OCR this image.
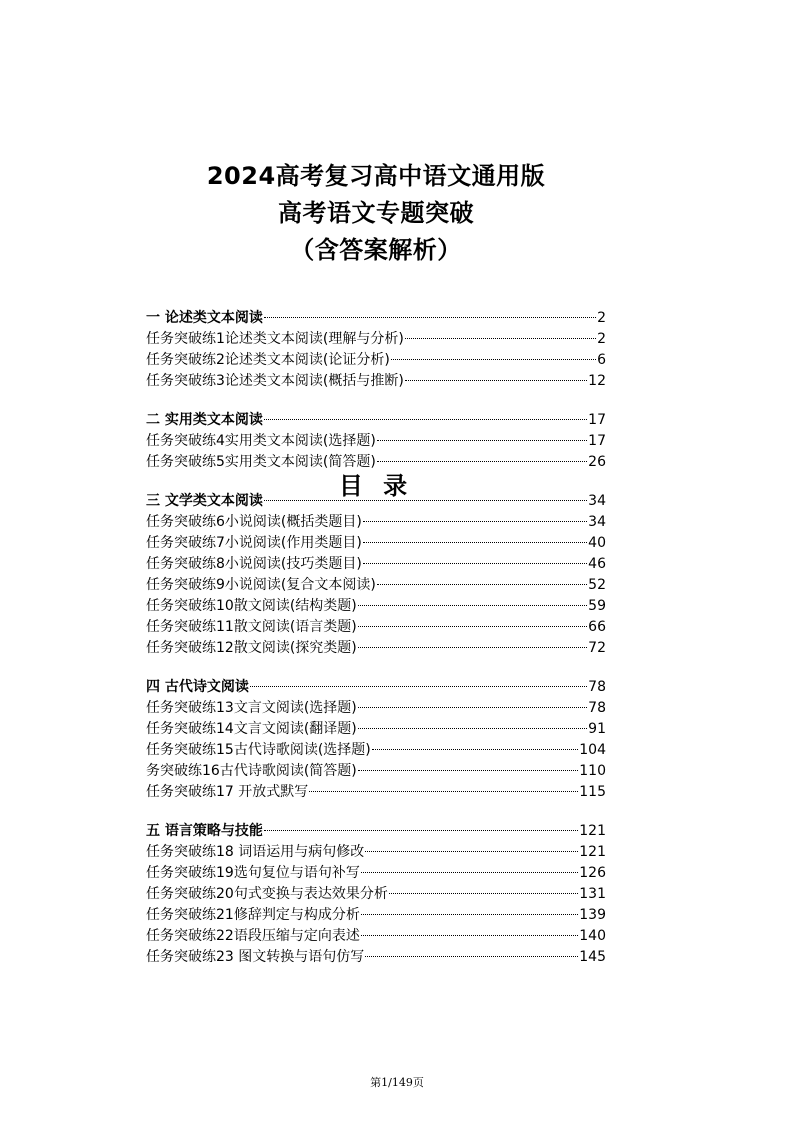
2024高考复习高中语文通用版
高考语文专题突破
（含答案解析）
目 录
一 论述类文本阅读	2
任务突破练1论述类文本阅读(理解与分析)	2
任务突破练2论述类文本阅读(论证分析)	6
任务突破练3论述类文本阅读(概括与推断)	12
二 实用类文本阅读	17
任务突破练4实用类文本阅读(选择题)	17
任务突破练5实用类文本阅读(简答题)	26
三 文学类文本阅读	34
任务突破练6小说阅读(概括类题目)	34
任务突破练7小说阅读(作用类题目)	40
任务突破练8小说阅读(技巧类题目)	46
任务突破练9小说阅读(复合文本阅读)	52
任务突破练10散文阅读(结构类题)	59
任务突破练11散文阅读(语言类题)	66
任务突破练12散文阅读(探究类题)	72
四 古代诗文阅读	78
任务突破练13文言文阅读(选择题)	78
任务突破练14文言文阅读(翻译题)	91
任务突破练15古代诗歌阅读(选择题)	104
务突破练16古代诗歌阅读(简答题)	110
任务突破练17 开放式默写	115
五 语言策略与技能	121
任务突破练18 词语运用与病句修改	121
任务突破练19选句复位与语句补写	126
任务突破练20句式变换与表达效果分析	131
任务突破练21修辞判定与构成分析	139
任务突破练22语段压缩与定向表述	140
任务突破练23 图文转换与语句仿写	145
第1/149页
